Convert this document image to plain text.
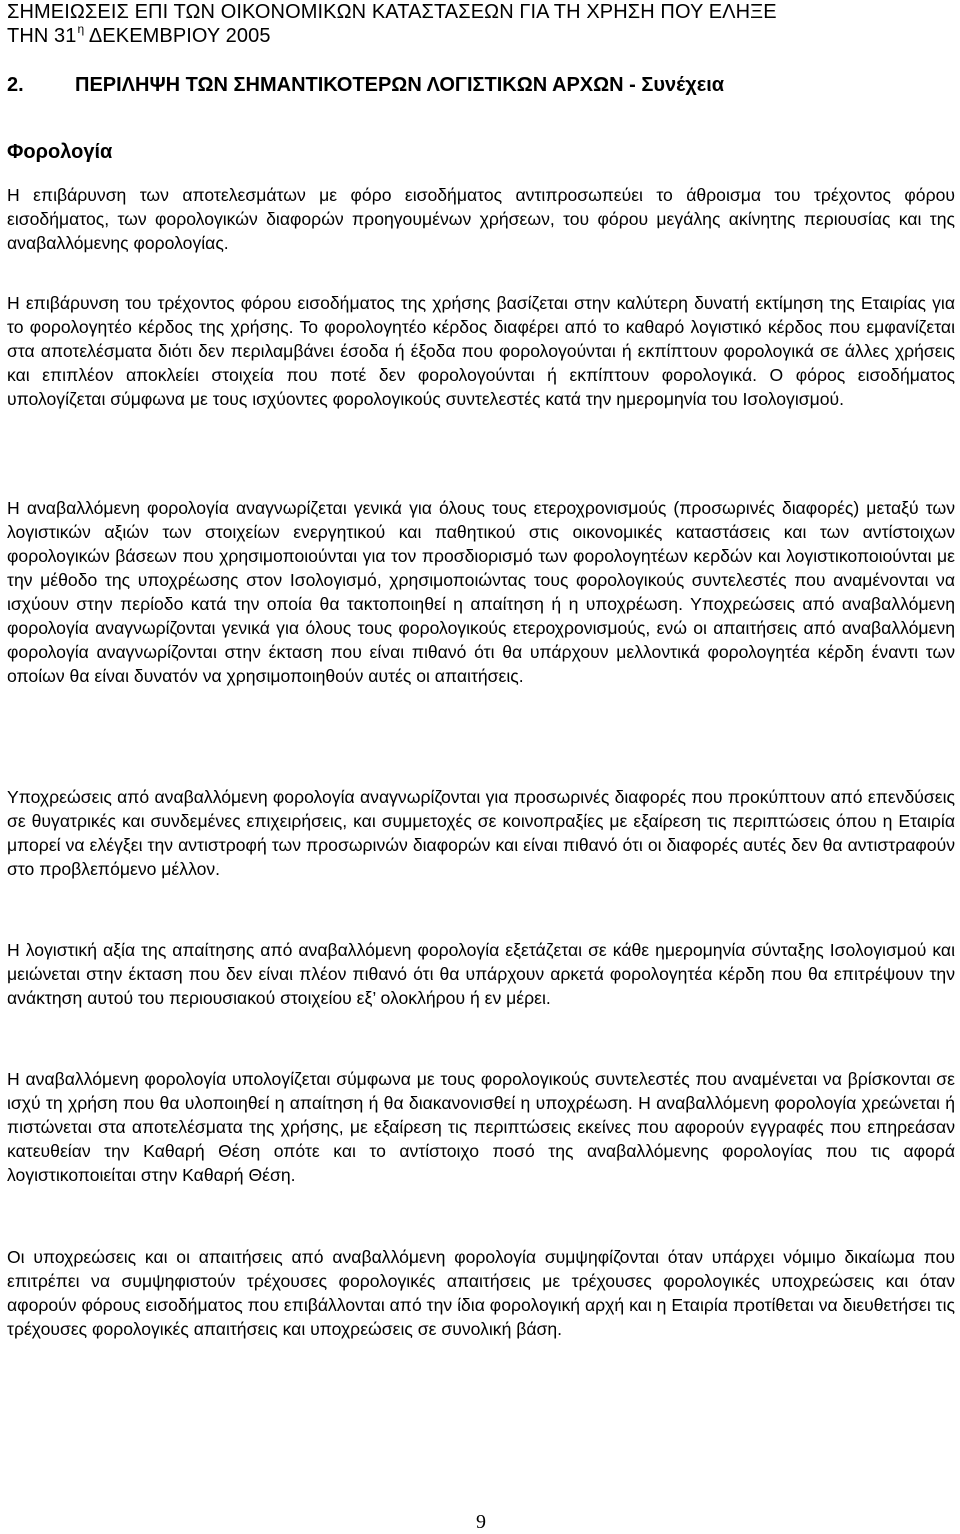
ΣΗΜΕΙΩΣΕΙΣ ΕΠΙ ΤΩΝ ΟΙΚΟΝΟΜΙΚΩΝ ΚΑΤΑΣΤΑΣΕΩΝ ΓΙΑ ΤΗ ΧΡΗΣΗ ΠΟΥ ΕΛΗΞΕ
ΤΗΝ $31^\eta$ ΔΕΚΕΜΒΡΙΟΥ 2005
2.	ΠΕΡΙΛΗΨΗ ΤΩΝ ΣΗΜΑΝΤΙΚΟΤΕΡΩΝ ΛΟΓΙΣΤΙΚΩΝ ΑΡΧΩΝ - Συνέχεια
Φορολογία

Η επιβάρυνση των αποτελεσμάτων με φόρο εισοδήματος αντιπροσωπεύει το άθροισμα του τρέχοντος φόρου εισοδήματος, των φορολογικών διαφορών προηγουμένων χρήσεων, του φόρου μεγάλης ακίνητης περιουσίας και της αναβαλλόμενης φορολογίας.

Η επιβάρυνση του τρέχοντος φόρου εισοδήματος της χρήσης βασίζεται στην καλύτερη δυνατή εκτίμηση της Εταιρίας για το φορολογητέο κέρδος της χρήσης. Το φορολογητέο κέρδος διαφέρει από το καθαρό λογιστικό κέρδος που εμφανίζεται στα αποτελέσματα διότι δεν περιλαμβάνει έσοδα ή έξοδα που φορολογούνται ή εκπίπτουν φορολογικά σε άλλες χρήσεις και επιπλέον αποκλείει στοιχεία που ποτέ δεν φορολογούνται ή εκπίπτουν φορολογικά. Ο φόρος εισοδήματος υπολογίζεται σύμφωνα με τους ισχύοντες φορολογικούς συντελεστές κατά την ημερομηνία του Ισολογισμού.

Η αναβαλλόμενη φορολογία αναγνωρίζεται γενικά για όλους τους ετεροχρονισμούς (προσωρινές διαφορές) μεταξύ των λογιστικών αξιών των στοιχείων ενεργητικού και παθητικού στις οικονομικές καταστάσεις και των αντίστοιχων φορολογικών βάσεων που χρησιμοποιούνται για τον προσδιορισμό των φορολογητέων κερδών και λογιστικοποιούνται με την μέθοδο της υποχρέωσης στον Ισολογισμό, χρησιμοποιώντας τους φορολογικούς συντελεστές που αναμένονται να ισχύουν στην περίοδο κατά την οποία θα τακτοποιηθεί η απαίτηση ή η υποχρέωση. Υποχρεώσεις από αναβαλλόμενη φορολογία αναγνωρίζονται γενικά για όλους τους φορολογικούς ετεροχρονισμούς, ενώ οι απαιτήσεις από αναβαλλόμενη φορολογία αναγνωρίζονται στην έκταση που είναι πιθανό ότι θα υπάρχουν μελλοντικά φορολογητέα κέρδη έναντι των οποίων θα είναι δυνατόν να χρησιμοποιηθούν αυτές οι απαιτήσεις.

Υποχρεώσεις από αναβαλλόμενη φορολογία αναγνωρίζονται για προσωρινές διαφορές που προκύπτουν από επενδύσεις σε θυγατρικές και συνδεμένες επιχειρήσεις, και συμμετοχές σε κοινοπραξίες με εξαίρεση τις περιπτώσεις όπου η Εταιρία μπορεί να ελέγξει την αντιστροφή των προσωρινών διαφορών και είναι πιθανό ότι οι διαφορές αυτές δεν θα αντιστραφούν στο προβλεπόμενο μέλλον.

Η λογιστική αξία της απαίτησης από αναβαλλόμενη φορολογία εξετάζεται σε κάθε ημερομηνία σύνταξης Ισολογισμού και μειώνεται στην έκταση που δεν είναι πλέον πιθανό ότι θα υπάρχουν αρκετά φορολογητέα κέρδη που θα επιτρέψουν την ανάκτηση αυτού του περιουσιακού στοιχείου εξ’ ολοκλήρου ή εν μέρει.

Η αναβαλλόμενη φορολογία υπολογίζεται σύμφωνα με τους φορολογικούς συντελεστές που αναμένεται να βρίσκονται σε ισχύ τη χρήση που θα υλοποιηθεί η απαίτηση ή θα διακανονισθεί η υποχρέωση. Η αναβαλλόμενη φορολογία χρεώνεται ή πιστώνεται στα αποτελέσματα της χρήσης, με εξαίρεση τις περιπτώσεις εκείνες που αφορούν εγγραφές που επηρεάσαν κατευθείαν την Καθαρή Θέση οπότε και το αντίστοιχο ποσό της αναβαλλόμενης φορολογίας που τις αφορά λογιστικοποιείται στην Καθαρή Θέση.

Οι υποχρεώσεις και οι απαιτήσεις από αναβαλλόμενη φορολογία συμψηφίζονται όταν υπάρχει νόμιμο δικαίωμα που επιτρέπει να συμψηφιστούν τρέχουσες φορολογικές απαιτήσεις με τρέχουσες φορολογικές υποχρεώσεις και όταν αφορούν φόρους εισοδήματος που επιβάλλονται από την ίδια φορολογική αρχή και η Εταιρία προτίθεται να διευθετήσει τις τρέχουσες φορολογικές απαιτήσεις και υποχρεώσεις σε συνολική βάση.

9
